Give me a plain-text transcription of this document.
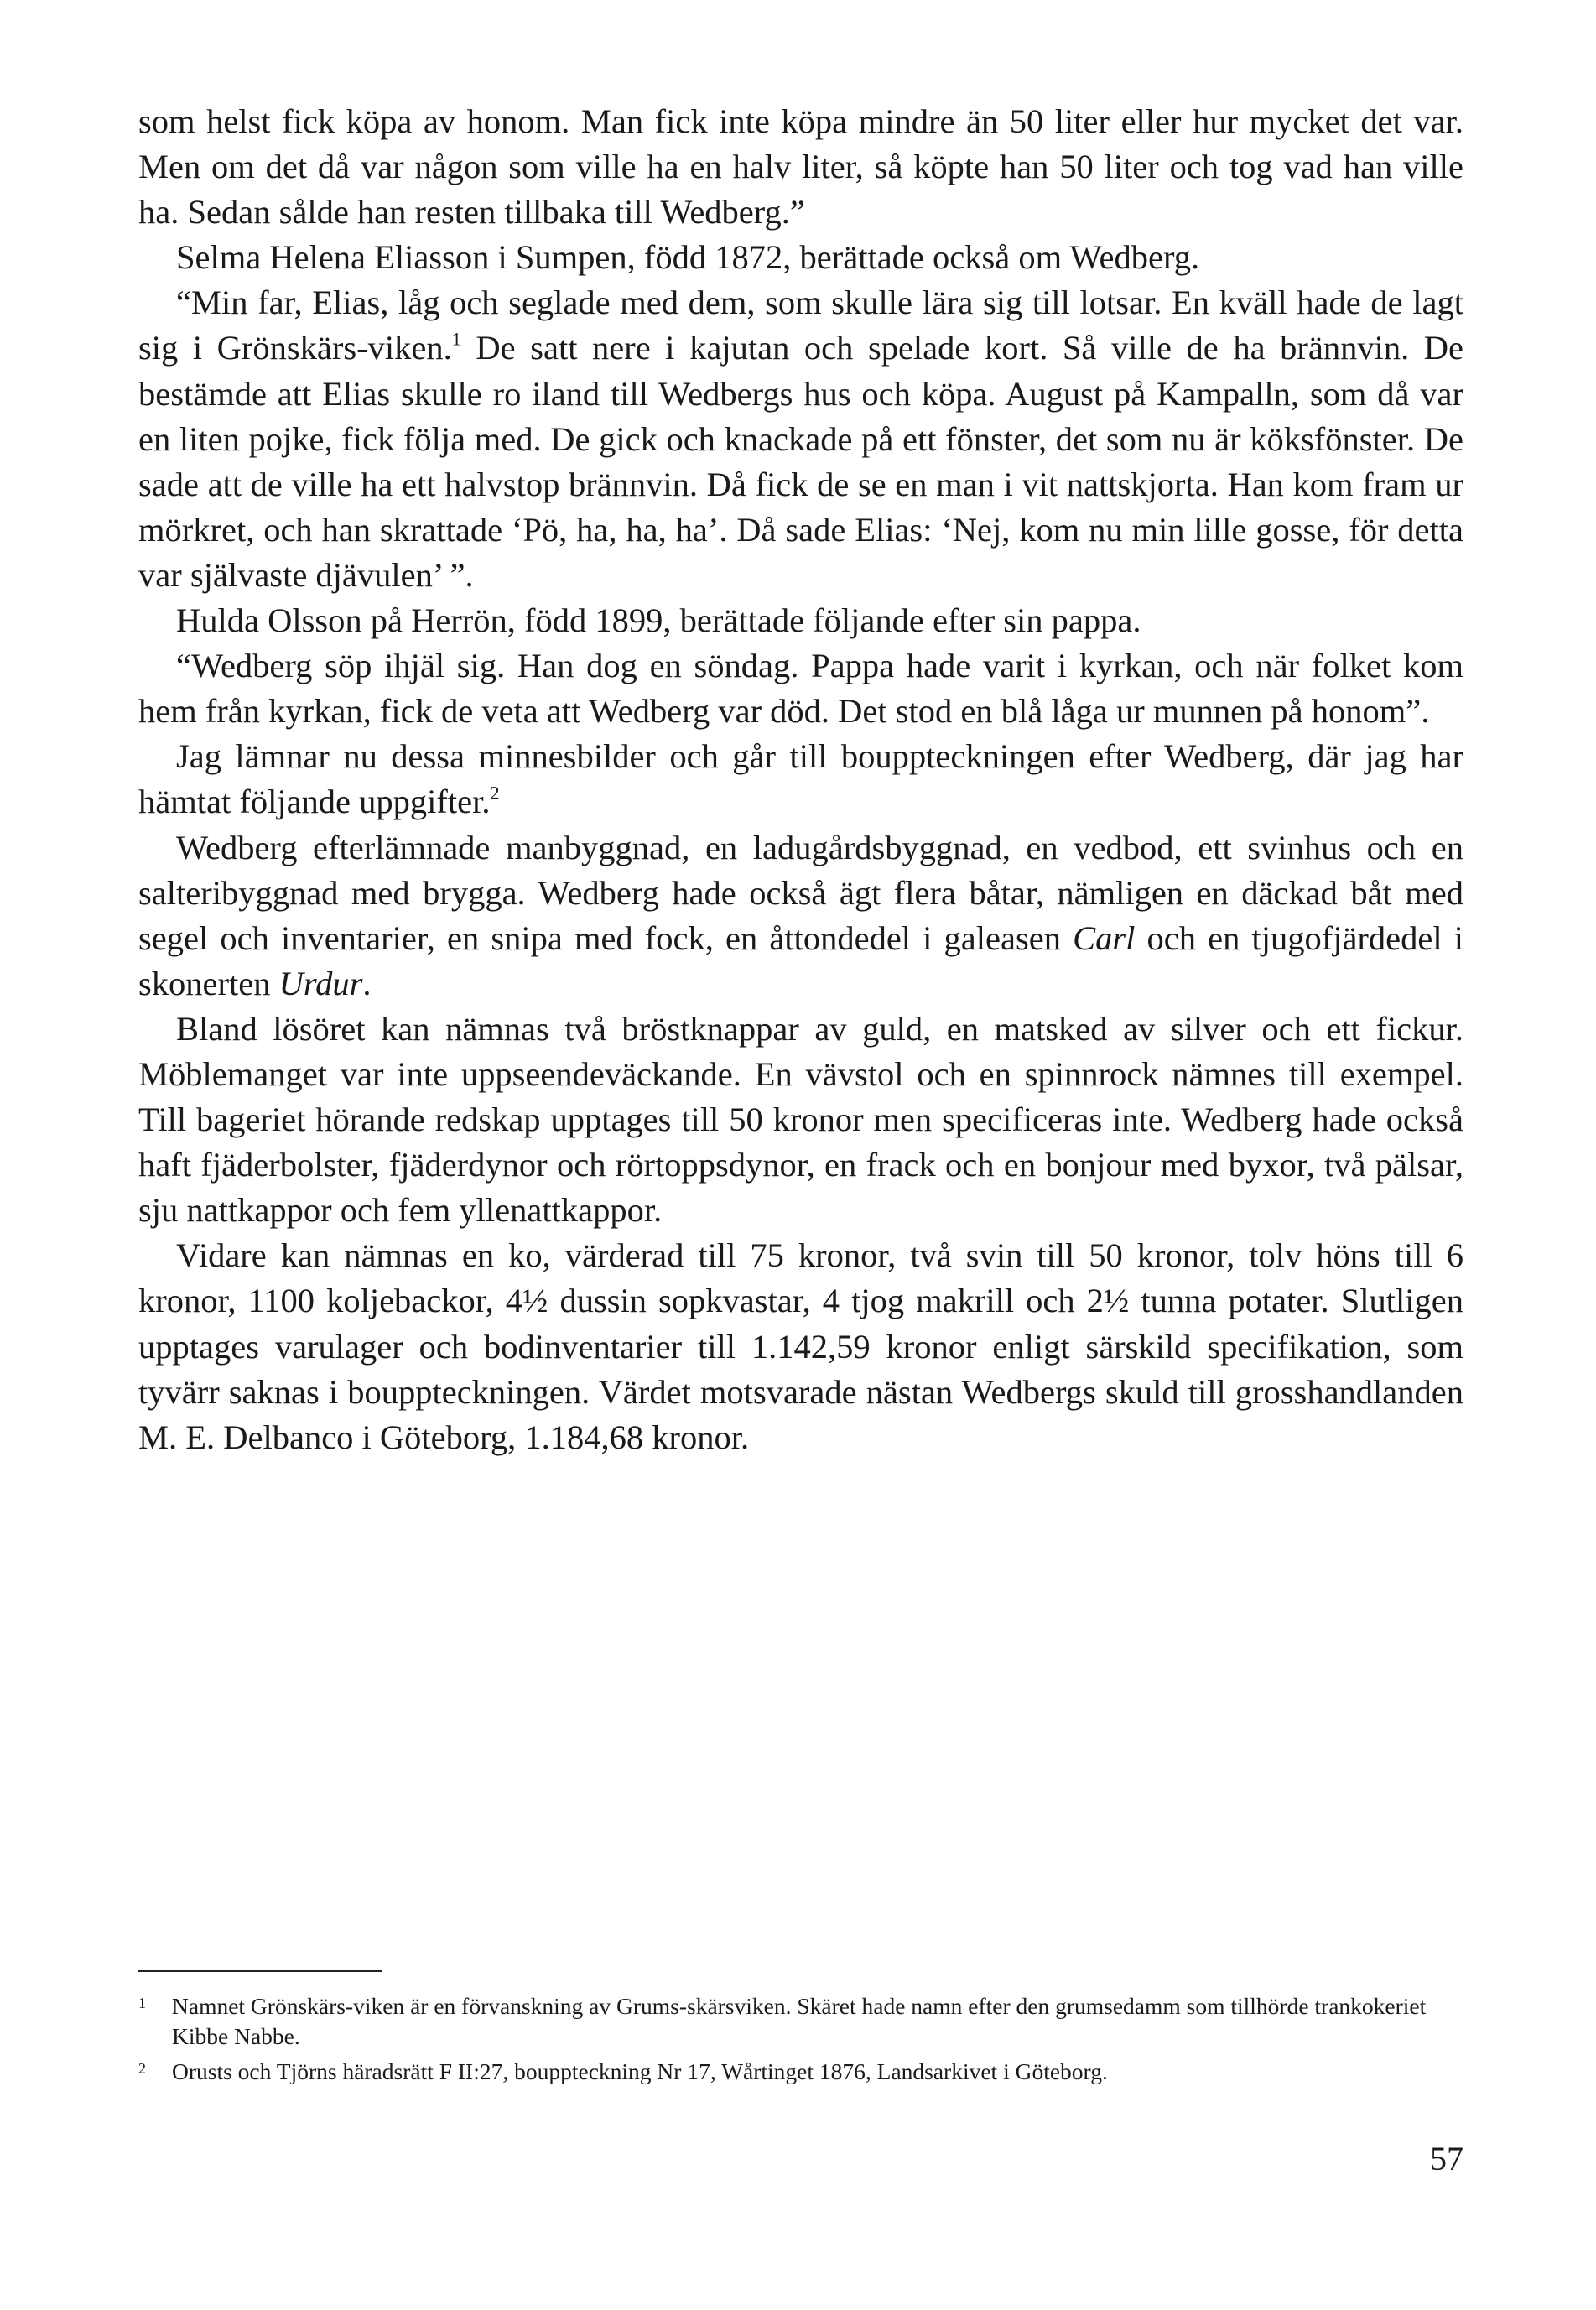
som helst fick köpa av honom. Man fick inte köpa mindre än 50 liter eller hur mycket det var. Men om det då var någon som ville ha en halv liter, så köpte han 50 liter och tog vad han ville ha. Sedan sålde han resten tillbaka till Wedberg.”

Selma Helena Eliasson i Sumpen, född 1872, berättade också om Wedberg.

“Min far, Elias, låg och seglade med dem, som skulle lära sig till lotsar. En kväll hade de lagt sig i Grönskärs-viken.$^1$ De satt nere i kajutan och spelade kort. Så ville de ha brännvin. De bestämde att Elias skulle ro iland till Wedbergs hus och köpa. August på Kampalln, som då var en liten pojke, fick följa med. De gick och knackade på ett fönster, det som nu är köksfönster. De sade att de ville ha ett halvstop brännvin. Då fick de se en man i vit nattskjorta. Han kom fram ur mörkret, och han skrattade ‘Pö, ha, ha, ha’. Då sade Elias: ‘Nej, kom nu min lille gosse, för detta var självaste djävulen’ ”.

Hulda Olsson på Herrön, född 1899, berättade följande efter sin pappa.

“Wedberg söp ihjäl sig. Han dog en söndag. Pappa hade varit i kyrkan, och när folket kom hem från kyrkan, fick de veta att Wedberg var död. Det stod en blå låga ur munnen på honom”.

Jag lämnar nu dessa minnesbilder och går till bouppteckningen efter Wedberg, där jag har hämtat följande uppgifter.$^2$

Wedberg efterlämnade manbyggnad, en ladugårdsbyggnad, en vedbod, ett svinhus och en salteribyggnad med brygga. Wedberg hade också ägt flera båtar, nämligen en däckad båt med segel och inventarier, en snipa med fock, en åttondedel i galeasen Carl och en tjugofjärdedel i skonerten Urdur.

Bland lösöret kan nämnas två bröstknappar av guld, en matsked av silver och ett fickur. Möblemanget var inte uppseendeväckande. En vävstol och en spinnrock nämnes till exempel. Till bageriet hörande redskap upptages till 50 kronor men specificeras inte. Wedberg hade också haft fjäderbolster, fjäderdynor och rörtoppsdynor, en frack och en bonjour med byxor, två pälsar, sju nattkappor och fem yllenattkappor.

Vidare kan nämnas en ko, värderad till 75 kronor, två svin till 50 kronor, tolv höns till 6 kronor, 1100 koljebackor, 4½ dussin sopkvastar, 4 tjog makrill och 2½ tunna potater. Slutligen upptages varulager och bodinventarier till 1.142,59 kronor enligt särskild specifikation, som tyvärr saknas i bouppteckningen. Värdet motsvarade nästan Wedbergs skuld till grosshandlanden M. E. Delbanco i Göteborg, 1.184,68 kronor.

1 Namnet Grönskärs-viken är en förvanskning av Grums-skärsviken. Skäret hade namn efter den grumsedamm som tillhörde trankokeriet Kibbe Nabbe.
2 Orusts och Tjörns häradsrätt F II:27, bouppteckning Nr 17, Wårtinget 1876, Landsarkivet i Göteborg.
57
